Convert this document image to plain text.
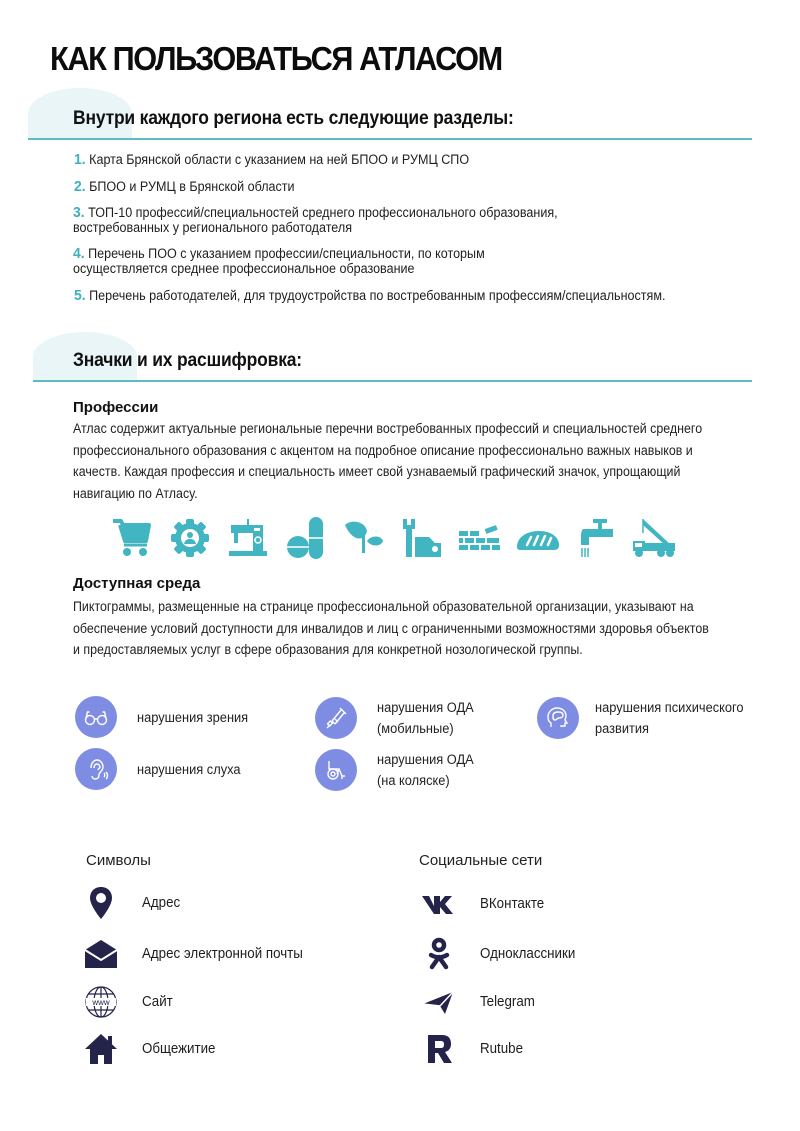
КАК ПОЛЬЗОВАТЬСЯ АТЛАСОМ
Внутри каждого региона есть следующие разделы:
1. Карта Брянской области с указанием на ней БПОО и РУМЦ СПО
2. БПОО и РУМЦ в Брянской области
3. ТОП-10 профессий/специальностей среднего профессионального образования,
востребованных у регионального работодателя
4. Перечень ПОО с указанием профессии/специальности, по которым
осуществляется среднее профессиональное образование
5. Перечень работодателей, для трудоустройства по востребованным профессиям/специальностям.
Значки и их расшифровка:
Профессии
Атлас содержит актуальные региональные перечни востребованных профессий и специальностей среднего профессионального образования с акцентом на подробное описание профессионально важных навыков и качеств. Каждая профессия и специальность имеет свой узнаваемый графический значок, упрощающий навигацию по Атласу.
Доступная среда
Пиктограммы, размещенные на странице профессиональной образовательной организации, указывают на обеспечение условий доступности для инвалидов и лиц с ограниченными возможностями здоровья объектов и предоставляемых услуг в сфере образования для конкретной нозологической группы.
нарушения зрения
нарушения слуха
нарушения ОДА
(мобильные)
нарушения ОДА
(на коляске)
нарушения психического
развития
Символы
Адрес
Адрес электронной почты
www Сайт
Общежитие
Социальные сети
ВКонтакте
Одноклассники
Telegram
Rutube
